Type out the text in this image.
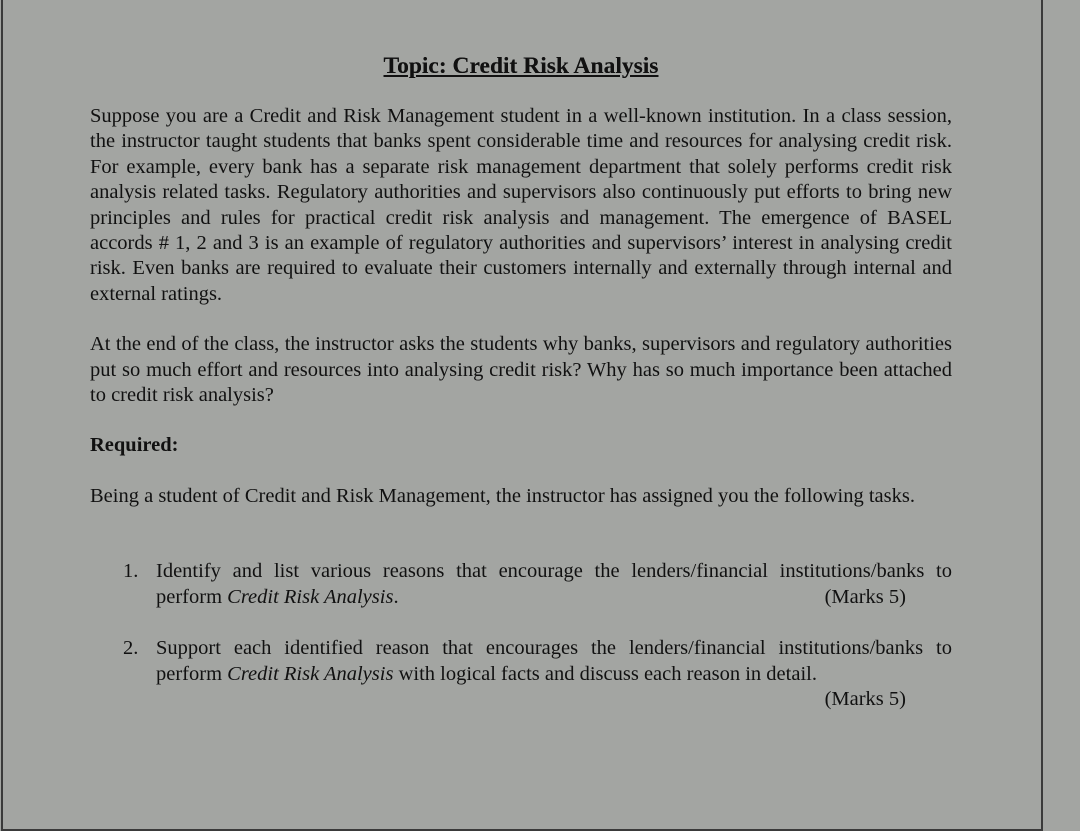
Topic: Credit Risk Analysis

Suppose you are a Credit and Risk Management student in a well-known institution. In a class session, the instructor taught students that banks spent considerable time and resources for analysing credit risk. For example, every bank has a separate risk management department that solely performs credit risk analysis related tasks. Regulatory authorities and supervisors also continuously put efforts to bring new principles and rules for practical credit risk analysis and management. The emergence of BASEL accords # 1, 2 and 3 is an example of regulatory authorities and supervisors’ interest in analysing credit risk. Even banks are required to evaluate their customers internally and externally through internal and external ratings.

At the end of the class, the instructor asks the students why banks, supervisors and regulatory authorities put so much effort and resources into analysing credit risk? Why has so much importance been attached to credit risk analysis?

Required:

Being a student of Credit and Risk Management, the instructor has assigned you the following tasks.

1. Identify and list various reasons that encourage the lenders/financial institutions/banks to perform Credit Risk Analysis.	(Marks 5)
2. Support each identified reason that encourages the lenders/financial institutions/banks to perform Credit Risk Analysis with logical facts and discuss each reason in detail.
(Marks 5)
